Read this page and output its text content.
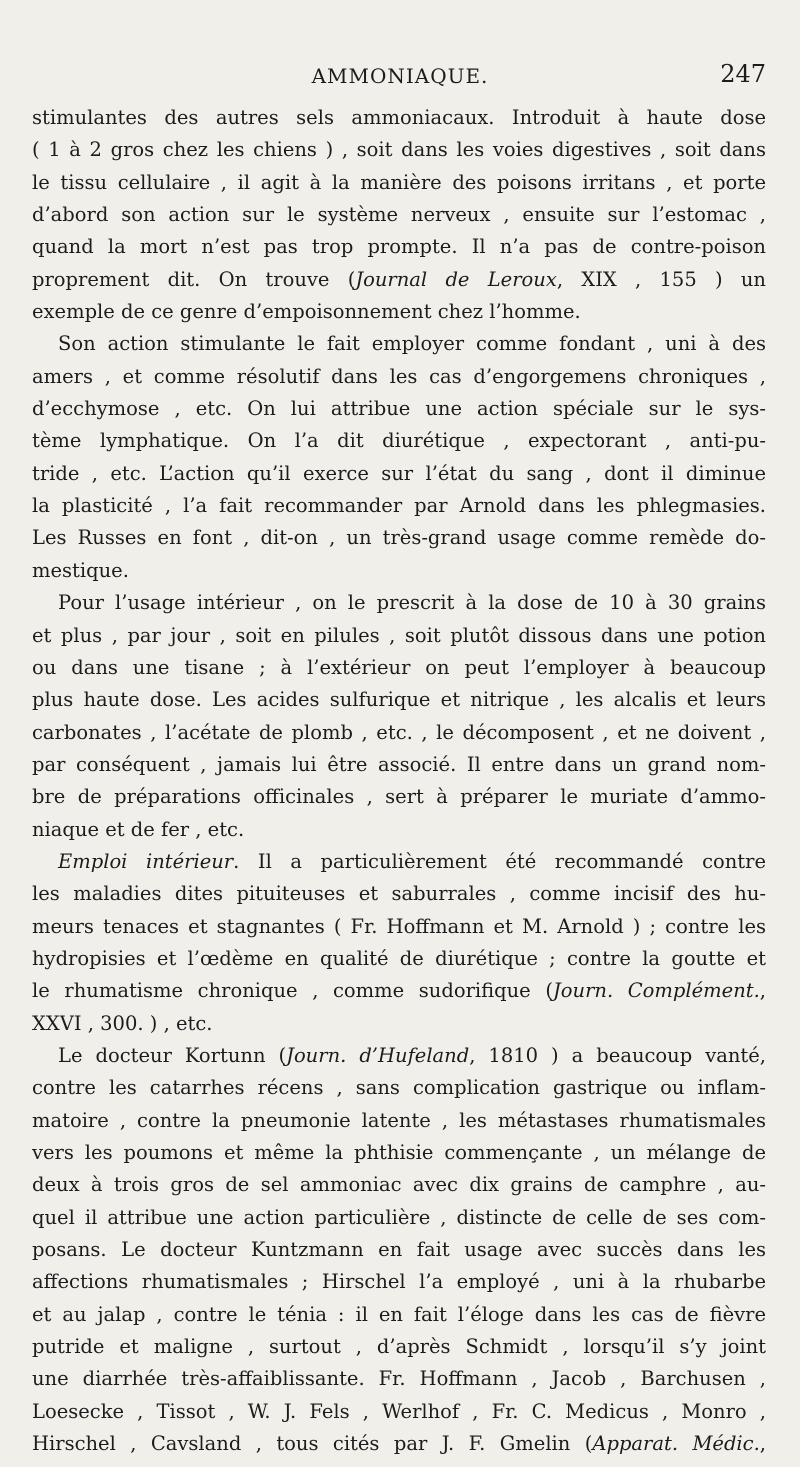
AMMONIAQUE.	247
stimulantes des autres sels ammoniacaux. Introduit à haute dose
( 1 à 2 gros chez les chiens ) , soit dans les voies digestives , soit dans
le tissu cellulaire , il agit à la manière des poisons irritans , et porte
d’abord son action sur le système nerveux , ensuite sur l’estomac ,
quand la mort n’est pas trop prompte. Il n’a pas de contre-poison
proprement dit. On trouve (Journal de Leroux, XIX , 155 ) un
exemple de ce genre d’empoisonnement chez l’homme.
Son action stimulante le fait employer comme fondant , uni à des
amers , et comme résolutif dans les cas d’engorgemens chroniques ,
d’ecchymose , etc. On lui attribue une action spéciale sur le sys-
tème lymphatique. On l’a dit diurétique , expectorant , anti-pu-
tride , etc. L’action qu’il exerce sur l’état du sang , dont il diminue
la plasticité , l’a fait recommander par Arnold dans les phlegmasies.
Les Russes en font , dit-on , un très-grand usage comme remède do-
mestique.
Pour l’usage intérieur , on le prescrit à la dose de 10 à 30 grains
et plus , par jour , soit en pilules , soit plutôt dissous dans une potion
ou dans une tisane ; à l’extérieur on peut l’employer à beaucoup
plus haute dose. Les acides sulfurique et nitrique , les alcalis et leurs
carbonates , l’acétate de plomb , etc. , le décomposent , et ne doivent ,
par conséquent , jamais lui être associé. Il entre dans un grand nom-
bre de préparations officinales , sert à préparer le muriate d’ammo-
niaque et de fer , etc.
Emploi intérieur. Il a particulièrement été recommandé contre
les maladies dites pituiteuses et saburrales , comme incisif des hu-
meurs tenaces et stagnantes ( Fr. Hoffmann et M. Arnold ) ; contre les
hydropisies et l’œdème en qualité de diurétique ; contre la goutte et
le rhumatisme chronique , comme sudorifique (Journ. Complément.,
XXVI , 300. ) , etc.
Le docteur Kortunn (Journ. d’Hufeland, 1810 ) a beaucoup vanté,
contre les catarrhes récens , sans complication gastrique ou inflam-
matoire , contre la pneumonie latente , les métastases rhumatismales
vers les poumons et même la phthisie commençante , un mélange de
deux à trois gros de sel ammoniac avec dix grains de camphre , au-
quel il attribue une action particulière , distincte de celle de ses com-
posans. Le docteur Kuntzmann en fait usage avec succès dans les
affections rhumatismales ; Hirschel l’a employé , uni à la rhubarbe
et au jalap , contre le ténia : il en fait l’éloge dans les cas de fièvre
putride et maligne , surtout , d’après Schmidt , lorsqu’il s’y joint
une diarrhée très-affaiblissante. Fr. Hoffmann , Jacob , Barchusen ,
Loesecke , Tissot , W. J. Fels , Werlhof , Fr. C. Medicus , Monro ,
Hirschel , Cavsland , tous cités par J. F. Gmelin (Apparat. Médic.,
